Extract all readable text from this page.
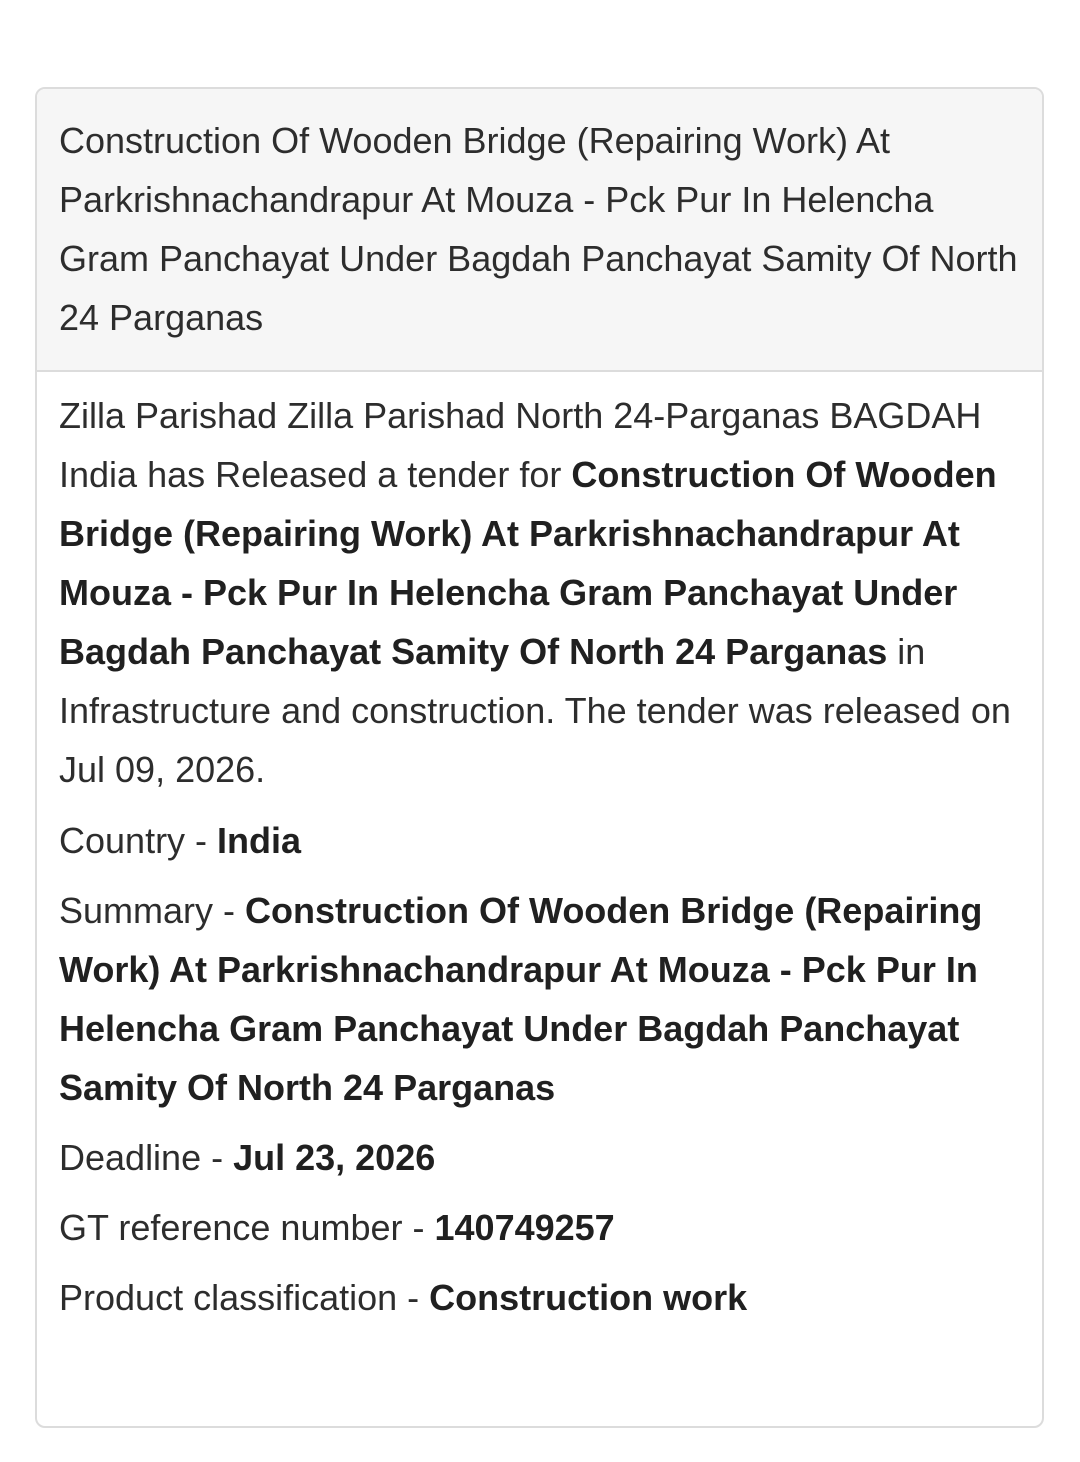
Construction Of Wooden Bridge (Repairing Work) At Parkrishnachandrapur At Mouza - Pck Pur In Helencha Gram Panchayat Under Bagdah Panchayat Samity Of North 24 Parganas

Zilla Parishad Zilla Parishad North 24-Parganas BAGDAH India has Released a tender for Construction Of Wooden Bridge (Repairing Work) At Parkrishnachandrapur At Mouza - Pck Pur In Helencha Gram Panchayat Under Bagdah Panchayat Samity Of North 24 Parganas in Infrastructure and construction. The tender was released on Jul 09, 2026.

Country - India

Summary - Construction Of Wooden Bridge (Repairing Work) At Parkrishnachandrapur At Mouza - Pck Pur In Helencha Gram Panchayat Under Bagdah Panchayat Samity Of North 24 Parganas

Deadline - Jul 23, 2026

GT reference number - 140749257

Product classification - Construction work
